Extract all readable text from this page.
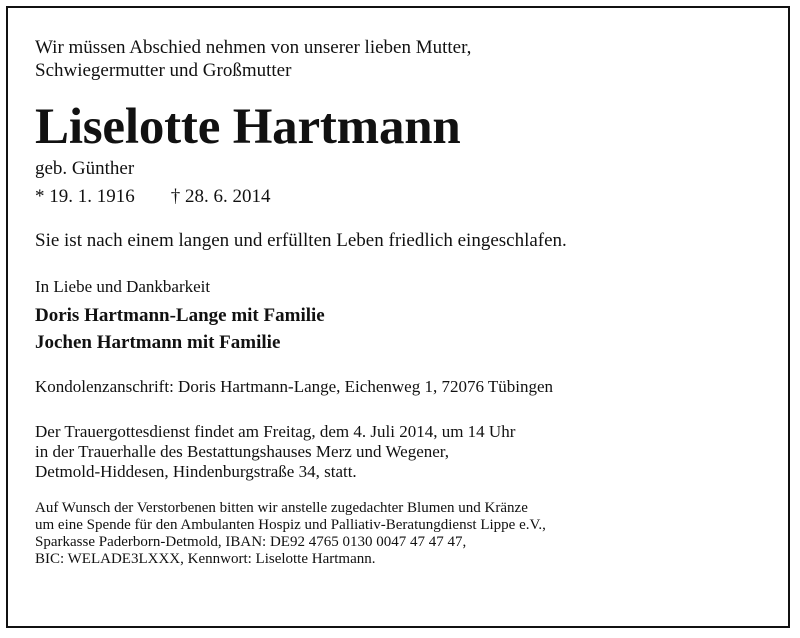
Wir müssen Abschied nehmen von unserer lieben Mutter,
Schwiegermutter und Großmutter
Liselotte Hartmann
geb. Günther
* 19. 1. 1916 † 28. 6. 2014
Sie ist nach einem langen und erfüllten Leben friedlich eingeschlafen.
In Liebe und Dankbarkeit
Doris Hartmann-Lange mit Familie
Jochen Hartmann mit Familie
Kondolenzanschrift: Doris Hartmann-Lange, Eichenweg 1, 72076 Tübingen
Der Trauergottesdienst findet am Freitag, dem 4. Juli 2014, um 14 Uhr
in der Trauerhalle des Bestattungshauses Merz und Wegener,
Detmold-Hiddesen, Hindenburgstraße 34, statt.
Auf Wunsch der Verstorbenen bitten wir anstelle zugedachter Blumen und Kränze
um eine Spende für den Ambulanten Hospiz und Palliativ-Beratungdienst Lippe e.V.,
Sparkasse Paderborn-Detmold, IBAN: DE92 4765 0130 0047 47 47 47,
BIC: WELADE3LXXX, Kennwort: Liselotte Hartmann.
